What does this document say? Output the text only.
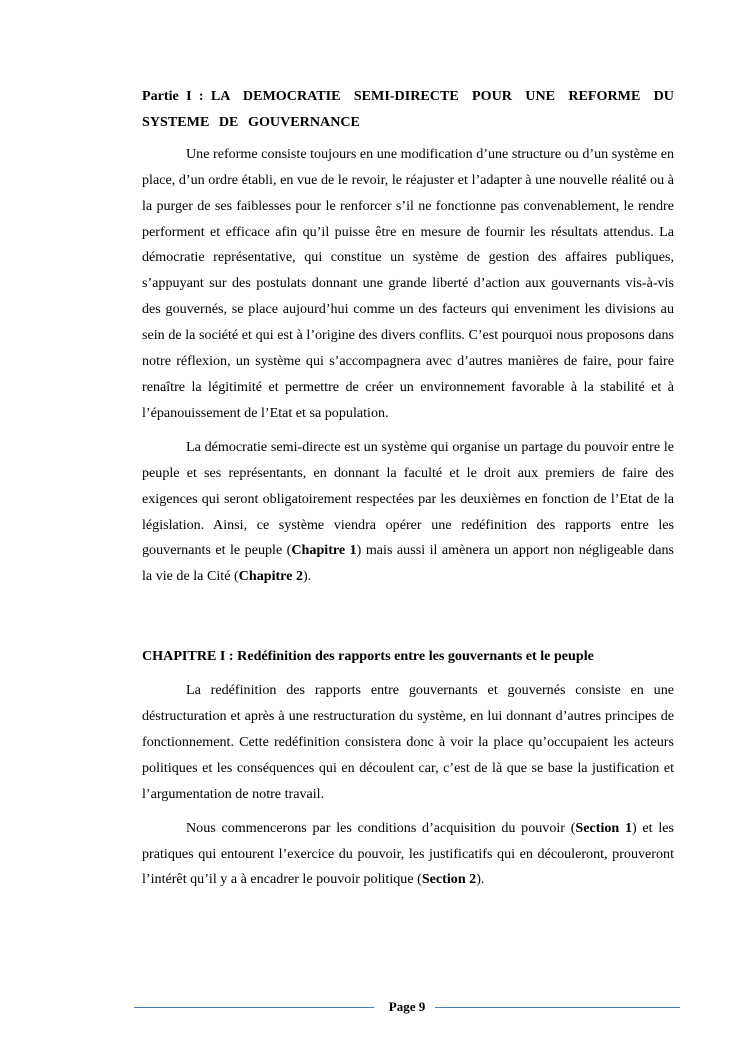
Partie I : LA DEMOCRATIE SEMI-DIRECTE POUR UNE REFORME DU SYSTEME DE GOUVERNANCE

Une reforme consiste toujours en une modification d’une structure ou d’un système en place, d’un ordre établi, en vue de le revoir, le réajuster et l’adapter à une nouvelle réalité ou à la purger de ses faiblesses pour le renforcer s’il ne fonctionne pas convenablement, le rendre performent et efficace afin qu’il puisse être en mesure de fournir les résultats attendus. La démocratie représentative, qui constitue un système de gestion des affaires publiques, s’appuyant sur des postulats donnant une grande liberté d’action aux gouvernants vis-à-vis des gouvernés, se place aujourd’hui comme un des facteurs qui enveniment les divisions au sein de la société et qui est à l’origine des divers conflits. C’est pourquoi nous proposons dans notre réflexion, un système qui s’accompagnera avec d’autres manières de faire, pour faire renaître la légitimité et permettre de créer un environnement favorable à la stabilité et à l’épanouissement de l’Etat et sa population.

La démocratie semi-directe est un système qui organise un partage du pouvoir entre le peuple et ses représentants, en donnant la faculté et le droit aux premiers de faire des exigences qui seront obligatoirement respectées par les deuxièmes en fonction de l’Etat de la législation. Ainsi, ce système viendra opérer une redéfinition des rapports entre les gouvernants et le peuple (Chapitre 1) mais aussi il amènera un apport non négligeable dans la vie de la Cité (Chapitre 2).

CHAPITRE I : Redéfinition des rapports entre les gouvernants et le peuple

La redéfinition des rapports entre gouvernants et gouvernés consiste en une déstructuration et après à une restructuration du système, en lui donnant d’autres principes de fonctionnement. Cette redéfinition consistera donc à voir la place qu’occupaient les acteurs politiques et les conséquences qui en découlent car, c’est de là que se base la justification et l’argumentation de notre travail.

Nous commencerons par les conditions d’acquisition du pouvoir (Section 1) et les pratiques qui entourent l’exercice du pouvoir, les justificatifs qui en découleront, prouveront l’intérêt qu’il y a à encadrer le pouvoir politique (Section 2).

Page 9
